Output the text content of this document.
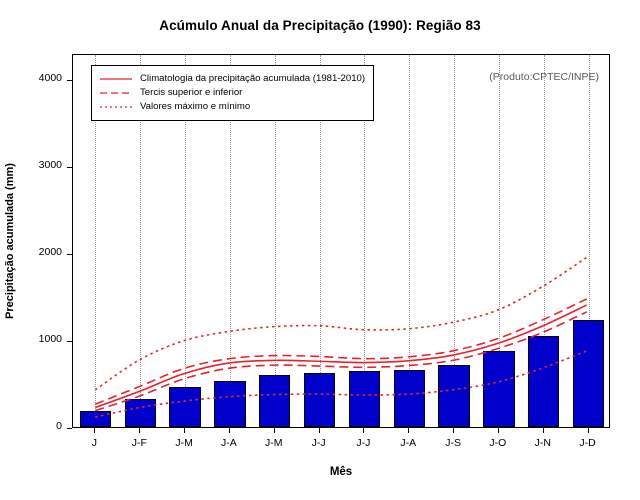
Acúmulo Anual da Precipitação (1990): Região 83
Precipitação acumulada (mm)
Climatologia da precipitação acumulada (1981-2010)
Tercis superior e inferior
Valores máximo e mínimo
(Produto:CPTEC/INPE)
0
1000
2000
3000
4000
J	J-F	J-M	J-A	J-M	J-J	J-J	J-A	J-S	J-O	J-N	J-D
Mês
